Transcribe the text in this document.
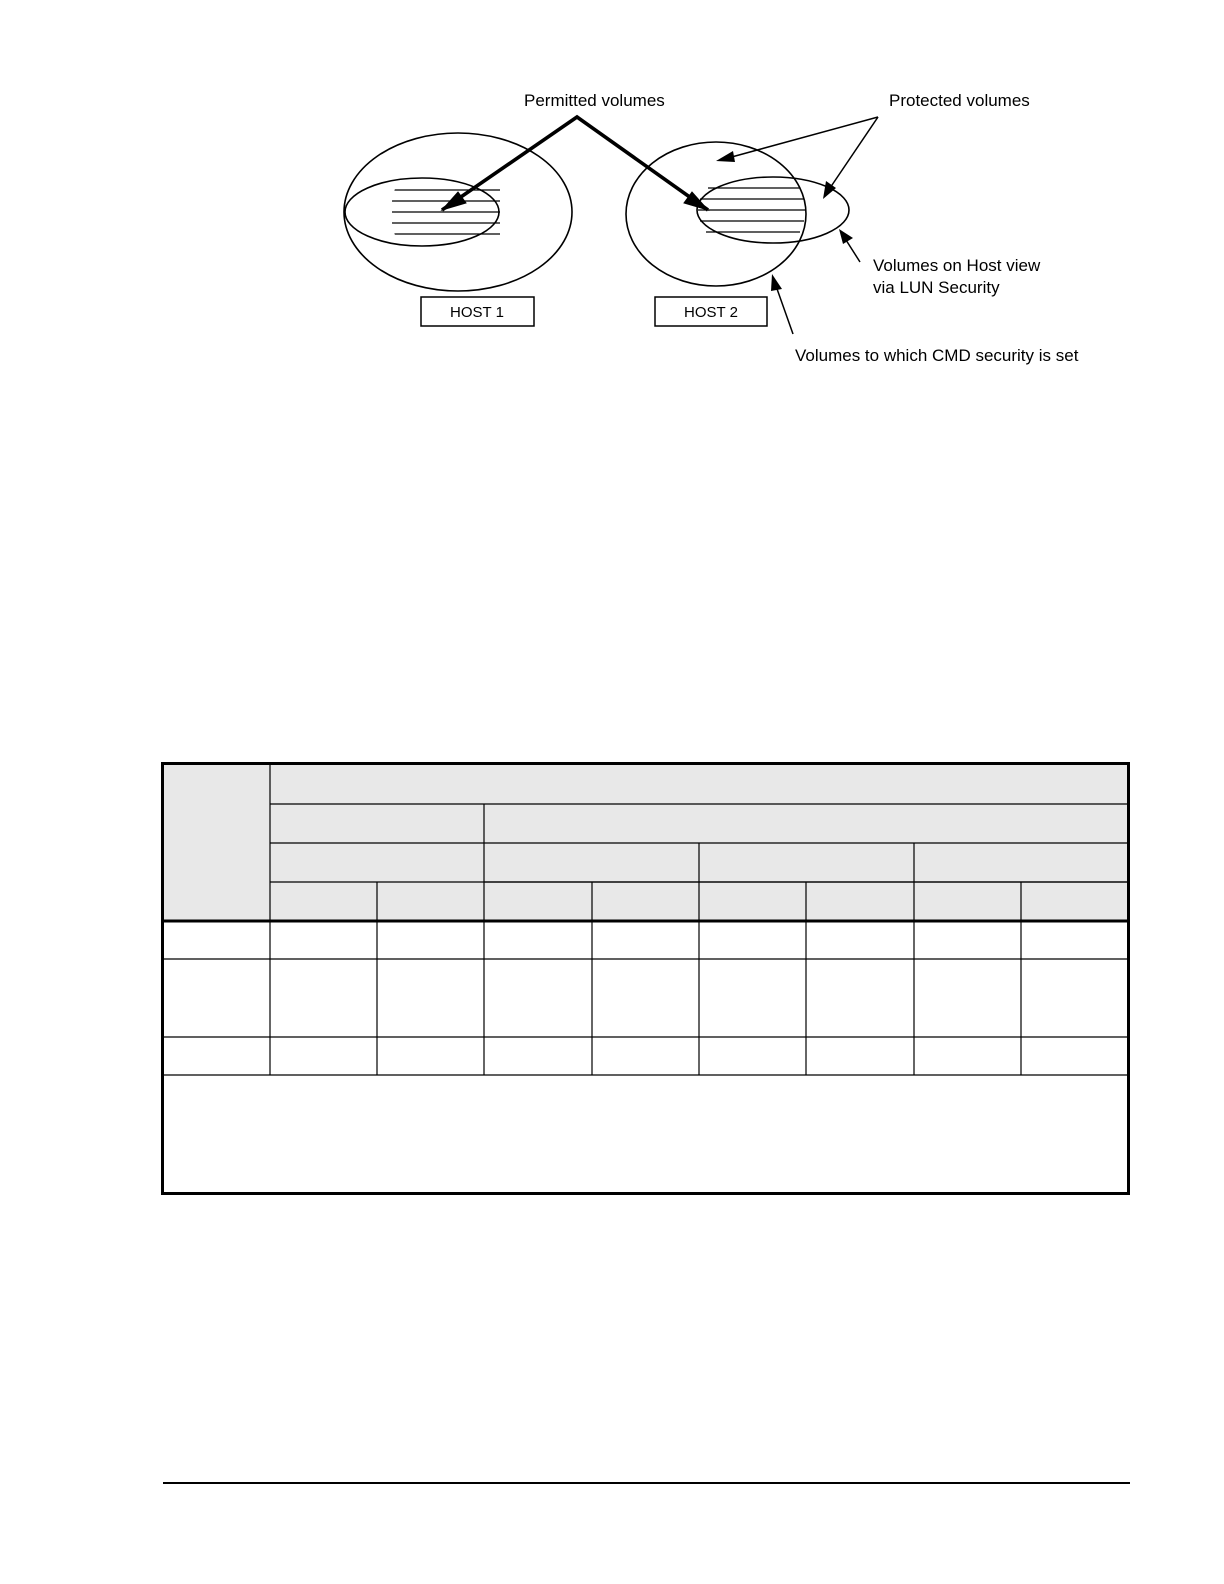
HOST 1	HOST 2
Permitted volumes	Protected volumes
Volumes on Host view
via LUN Security
Volumes to which CMD security is set
